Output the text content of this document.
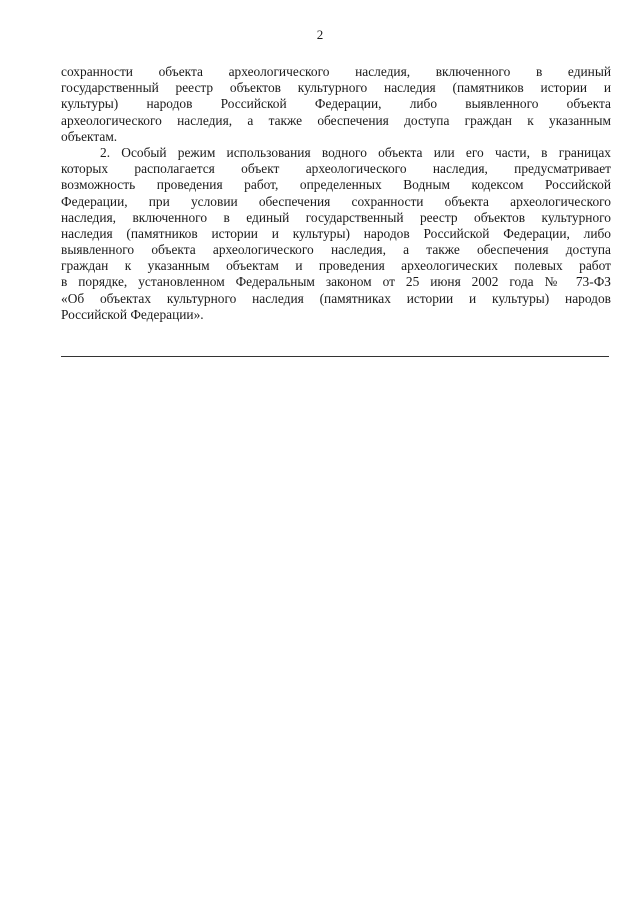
2
сохранности объекта археологического наследия, включенного в единый
государственный реестр объектов культурного наследия (памятников истории и
культуры) народов Российской Федерации, либо выявленного объекта
археологического наследия, а также обеспечения доступа граждан к указанным
объектам.
2. Особый режим использования водного объекта или его части, в границах
которых располагается объект археологического наследия, предусматривает
возможность проведения работ, определенных Водным кодексом Российской
Федерации, при условии обеспечения сохранности объекта археологического
наследия, включенного в единый государственный реестр объектов культурного
наследия (памятников истории и культуры) народов Российской Федерации, либо
выявленного объекта археологического наследия, а также обеспечения доступа
граждан к указанным объектам и проведения археологических полевых работ
в порядке, установленном Федеральным законом от 25 июня 2002 года № 73-ФЗ
«Об объектах культурного наследия (памятниках истории и культуры) народов
Российской Федерации».
